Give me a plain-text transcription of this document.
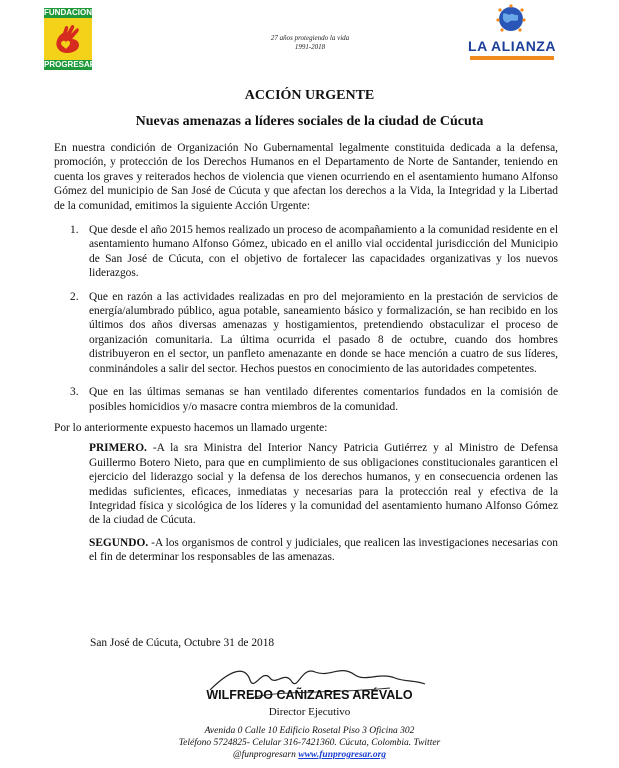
FUNDACION
PROGRESAR
27 años protegiendo la vida
1991-2018	LA ALIANZA
ACCIÓN URGENTE
Nuevas amenazas a líderes sociales de la ciudad de Cúcuta

En nuestra condición de Organización No Gubernamental legalmente constituida dedicada a la defensa, promoción, y protección de los Derechos Humanos en el Departamento de Norte de Santander, teniendo en cuenta los graves y reiterados hechos de violencia que vienen ocurriendo en el asentamiento humano Alfonso Gómez del municipio de San José de Cúcuta y que afectan los derechos a la Vida, la Integridad y la Libertad de la comunidad, emitimos la siguiente Acción Urgente:

1. Que desde el año 2015 hemos realizado un proceso de acompañamiento a la comunidad residente en el asentamiento humano Alfonso Gómez, ubicado en el anillo vial occidental jurisdicción del Municipio de San José de Cúcuta, con el objetivo de fortalecer las capacidades organizativas y los nuevos liderazgos.
2. Que en razón a las actividades realizadas en pro del mejoramiento en la prestación de servicios de energía/alumbrado público, agua potable, saneamiento básico y formalización, se han recibido en los últimos dos años diversas amenazas y hostigamientos, pretendiendo obstaculizar el proceso de organización comunitaria. La última ocurrida el pasado 8 de octubre, cuando dos hombres distribuyeron en el sector, un panfleto amenazante en donde se hace mención a cuatro de sus líderes, conminándoles a salir del sector. Hechos puestos en conocimiento de las autoridades competentes.
3. Que en las últimas semanas se han ventilado diferentes comentarios fundados en la comisión de posibles homicidios y/o masacre contra miembros de la comunidad.

Por lo anteriormente expuesto hacemos un llamado urgente:

PRIMERO. -A la sra Ministra del Interior Nancy Patricia Gutiérrez y al Ministro de Defensa Guillermo Botero Nieto, para que en cumplimiento de sus obligaciones constitucionales garanticen el ejercicio del liderazgo social y la defensa de los derechos humanos, y en consecuencia ordenen las medidas suficientes, eficaces, inmediatas y necesarias para la protección real y efectiva de la Integridad física y sicológica de los líderes y la comunidad del asentamiento humano Alfonso Gómez de la ciudad de Cúcuta.

SEGUNDO. -A los organismos de control y judiciales, que realicen las investigaciones necesarias con el fin de determinar los responsables de las amenazas.

San José de Cúcuta, Octubre 31 de 2018
WILFREDO CAÑIZARES ARÉVALO
Director Ejecutivo
Avenida 0 Calle 10 Edificio Rosetal Piso 3 Oficina 302
Teléfono 5724825- Celular 316-7421360. Cúcuta, Colombia. Twitter
@funprogresarn www.funprogresar.org
